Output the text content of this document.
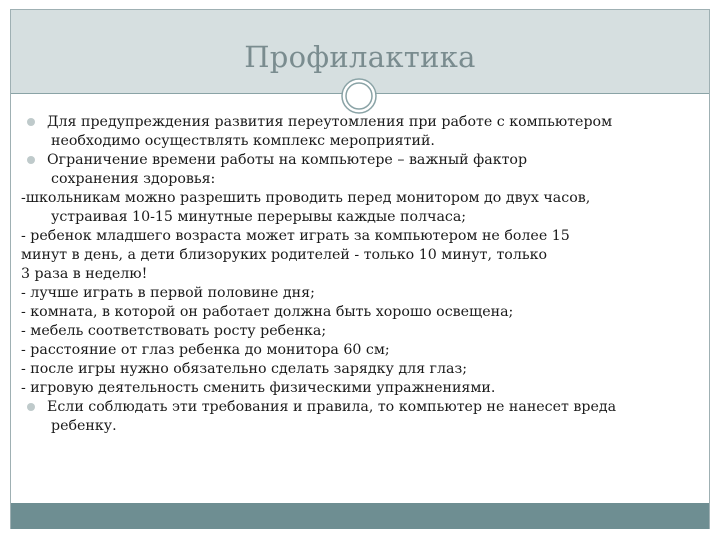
Профилактика
Для предупреждения развития переутомления при работе с компьютером
необходимо осуществлять комплекс мероприятий.
Ограничение времени работы на компьютере – важный фактор
сохранения здоровья:
-школьникам можно разрешить проводить перед монитором до двух часов,
устраивая 10-15 минутные перерывы каждые полчаса;
- ребенок младшего возраста может играть за компьютером не более 15
минут в день, а дети близоруких родителей - только 10 минут, только
3 раза в неделю!
- лучше играть в первой половине дня;
- комната, в которой он работает должна быть хорошо освещена;
- мебель соответствовать росту ребенка;
- расстояние от глаз ребенка до монитора 60 см;
- после игры нужно обязательно сделать зарядку для глаз;
- игровую деятельность сменить физическими упражнениями.
Если соблюдать эти требования и правила, то компьютер не нанесет вреда
ребенку.
